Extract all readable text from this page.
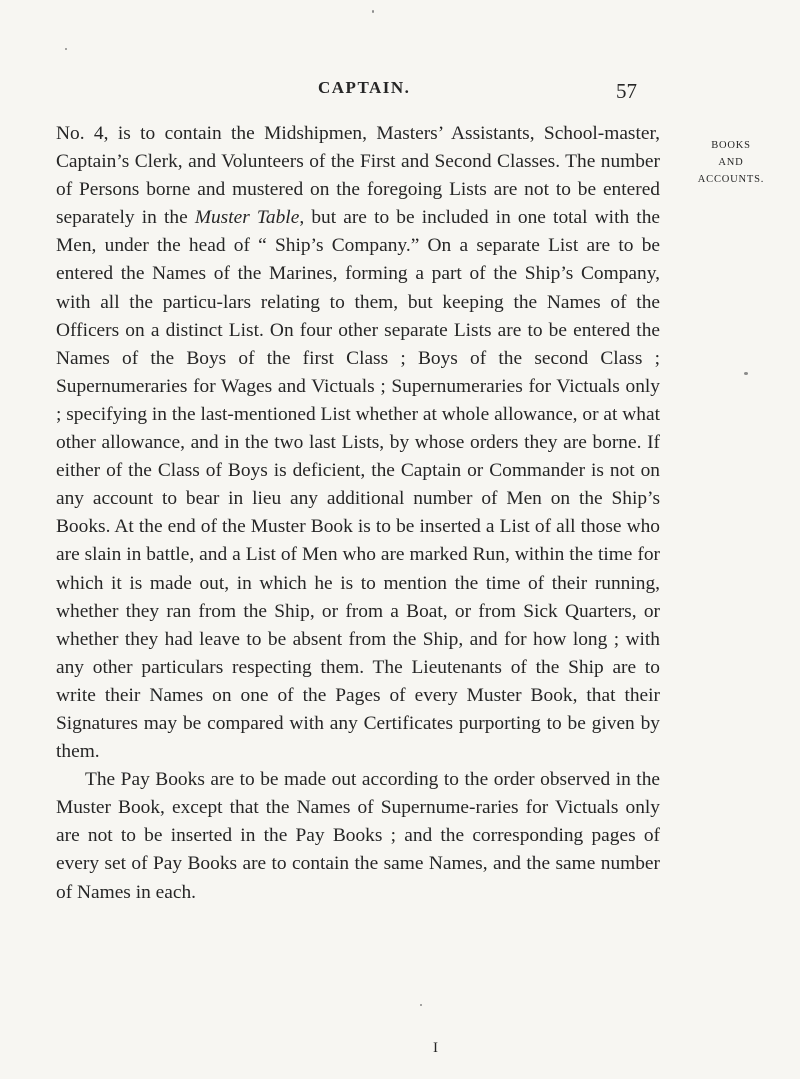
CAPTAIN.	57
BOOKS
AND
ACCOUNTS.

No. 4, is to contain the Midshipmen, Masters’ Assistants, School-master, Captain’s Clerk, and Volunteers of the First and Second Classes. The number of Persons borne and mustered on the foregoing Lists are not to be entered separately in the Muster Table, but are to be included in one total with the Men, under the head of “ Ship’s Company.” On a separate List are to be entered the Names of the Marines, forming a part of the Ship’s Company, with all the particu-lars relating to them, but keeping the Names of the Officers on a distinct List. On four other separate Lists are to be entered the Names of the Boys of the first Class ; Boys of the second Class ; Supernumeraries for Wages and Victuals ; Supernumeraries for Victuals only ; specifying in the last-mentioned List whether at whole allowance, or at what other allowance, and in the two last Lists, by whose orders they are borne. If either of the Class of Boys is deficient, the Captain or Commander is not on any account to bear in lieu any additional number of Men on the Ship’s Books. At the end of the Muster Book is to be inserted a List of all those who are slain in battle, and a List of Men who are marked Run, within the time for which it is made out, in which he is to mention the time of their running, whether they ran from the Ship, or from a Boat, or from Sick Quarters, or whether they had leave to be absent from the Ship, and for how long ; with any other particulars respecting them. The Lieutenants of the Ship are to write their Names on one of the Pages of every Muster Book, that their Signatures may be compared with any Certificates purporting to be given by them.

The Pay Books are to be made out according to the order observed in the Muster Book, except that the Names of Supernume-raries for Victuals only are not to be inserted in the Pay Books ; and the corresponding pages of every set of Pay Books are to contain the same Names, and the same number of Names in each.

I
